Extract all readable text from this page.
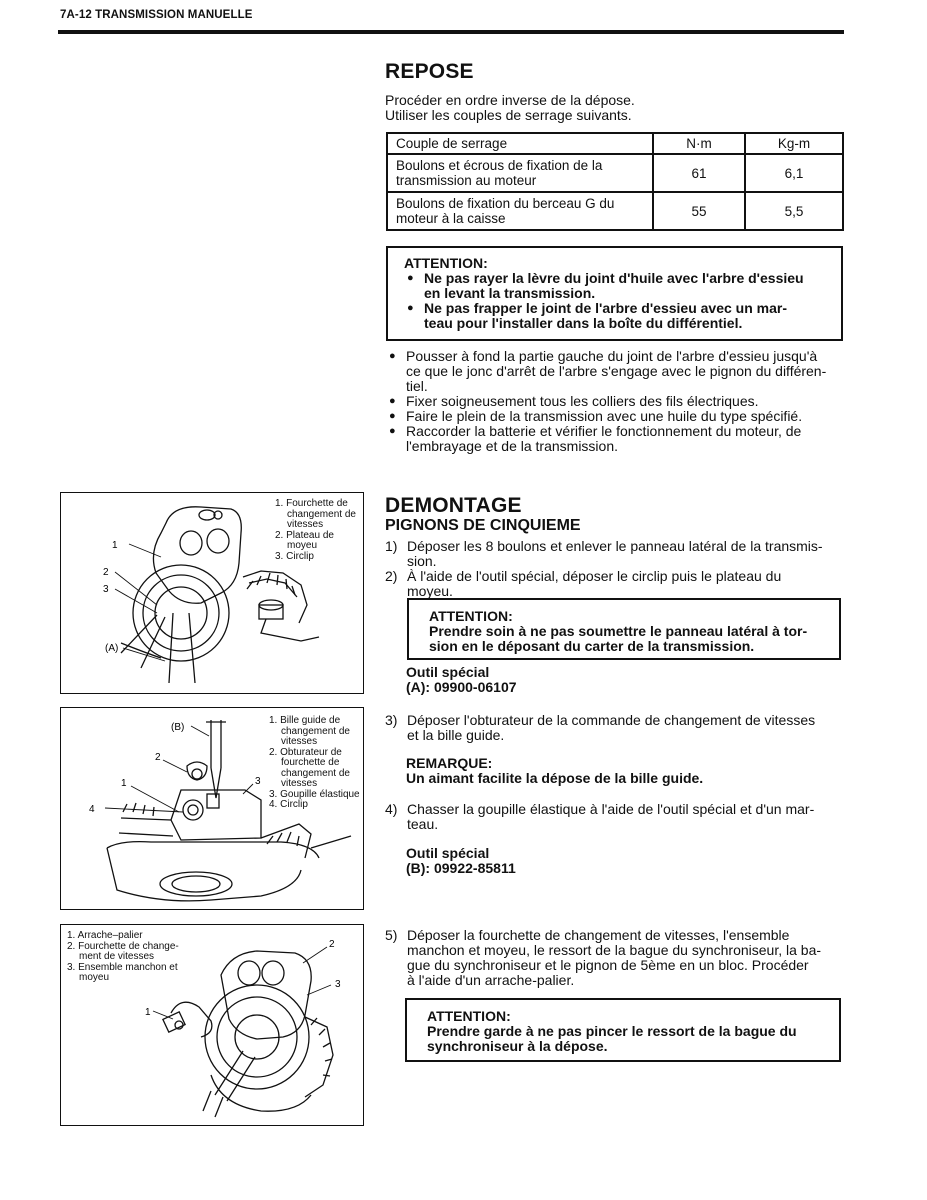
7A-12 TRANSMISSION MANUELLE
REPOSE
Procéder en ordre inverse de la dépose.
Utiliser les couples de serrage suivants.
Couple de serrage	N·m	Kg-m

Boulons et écrous de fixation de la
transmission au moteur	61	6,1

Boulons de fixation du berceau G du
moteur à la caisse	55	5,5
ATTENTION:
● Ne pas rayer la lèvre du joint d'huile avec l'arbre d'essieu
en levant la transmission.
● Ne pas frapper le joint de l'arbre d'essieu avec un mar-
teau pour l'installer dans la boîte du différentiel.
● Pousser à fond la partie gauche du joint de l'arbre d'essieu jusqu'à
ce que le jonc d'arrêt de l'arbre s'engage avec le pignon du différen-
tiel.
● Fixer soigneusement tous les colliers des fils électriques.
● Faire le plein de la transmission avec une huile du type spécifié.
● Raccorder la batterie et vérifier le fonctionnement du moteur, de
l'embrayage et de la transmission.
DEMONTAGE
PIGNONS DE CINQUIEME
1) Déposer les 8 boulons et enlever le panneau latéral de la transmis-
sion.
2) À l'aide de l'outil spécial, déposer le circlip puis le plateau du
moyeu.
ATTENTION:
Prendre soin à ne pas soumettre le panneau latéral à tor-
sion en le déposant du carter de la transmission.
Outil spécial
(A): 09900-06107
3) Déposer l'obturateur de la commande de changement de vitesses
et la bille guide.
REMARQUE:
Un aimant facilite la dépose de la bille guide.
4) Chasser la goupille élastique à l'aide de l'outil spécial et d'un mar-
teau.
Outil spécial
(B): 09922-85811
5) Déposer la fourchette de changement de vitesses, l'ensemble
manchon et moyeu, le ressort de la bague du synchroniseur, la ba-
gue du synchroniseur et le pignon de 5ème en un bloc. Procéder
à l'aide d'un arrache-palier.
ATTENTION:
Prendre garde à ne pas pincer le ressort de la bague du
synchroniseur à la dépose.
1
2
3
(A)
1. Fourchette de changement de vitesses
2. Plateau de moyeu
3. Circlip
(B)
2
1	3
4
1. Bille guide de changement de vitesses
2. Obturateur de fourchette de changement de vitesses
3. Goupille élastique
4. Circlip
2
3
1
1. Arrache–palier
2. Fourchette de change-ment de vitesses
3. Ensemble manchon et moyeu
